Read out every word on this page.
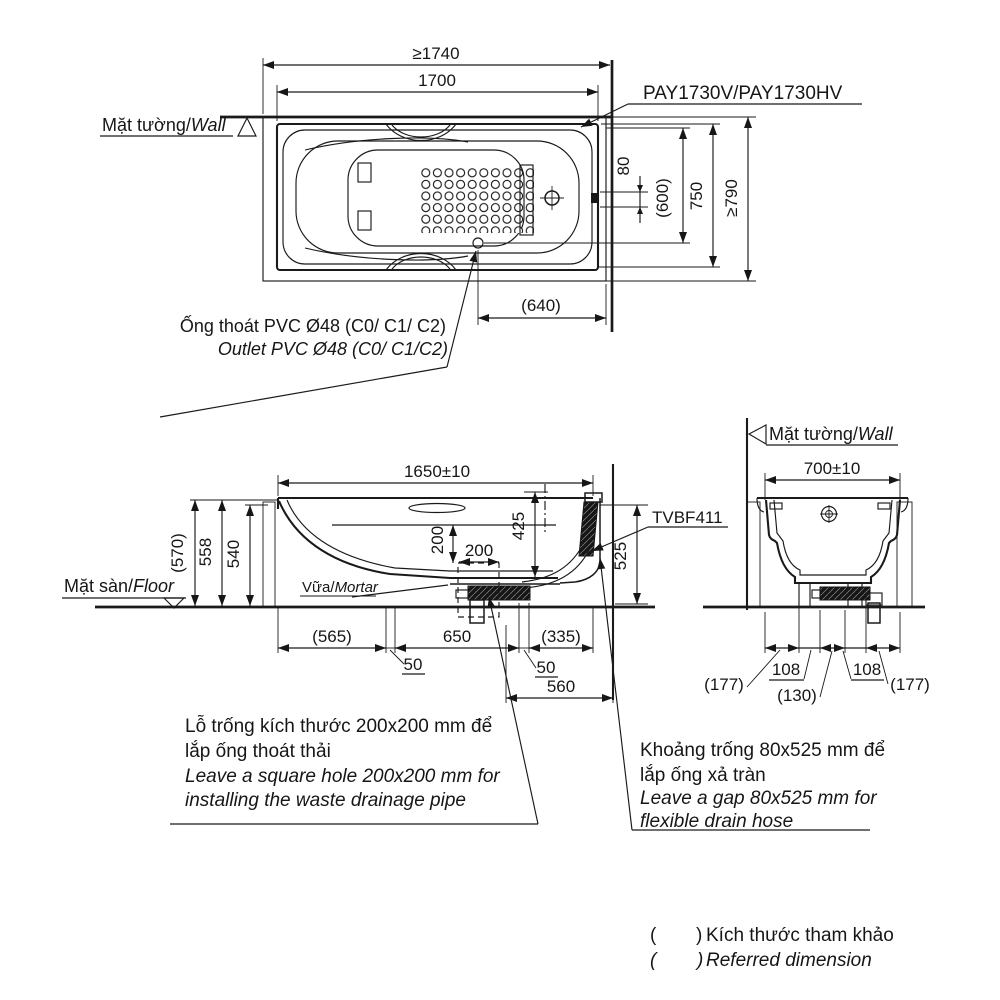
≥1740
1700
80
(600) 750 ≥790
(640)
Mặt tường/Wall
PAY1730V/PAY1730HV
Ống thoát PVC Ø48 (C0/ C1/ C2)
Outlet PVC Ø48 (C0/ C1/C2)
1650±10
(570) 558 540	200 200
425
525
(565)	650	(335)
50	50
560
Mặt sàn/Floor	Vữa/Mortar
TVBF411
Mặt tường/Wall
700±10
(177)
108
(130)
108
(177)
Lỗ trống kích thước 200x200 mm để
lắp ống thoát thải
Leave a square hole 200x200 mm for
installing the waste drainage pipe
Khoảng trống 80x525 mm để
lắp ống xả tràn
Leave a gap 80x525 mm for
flexible drain hose
( ) Kích thước tham khảo
( ) Referred dimension
